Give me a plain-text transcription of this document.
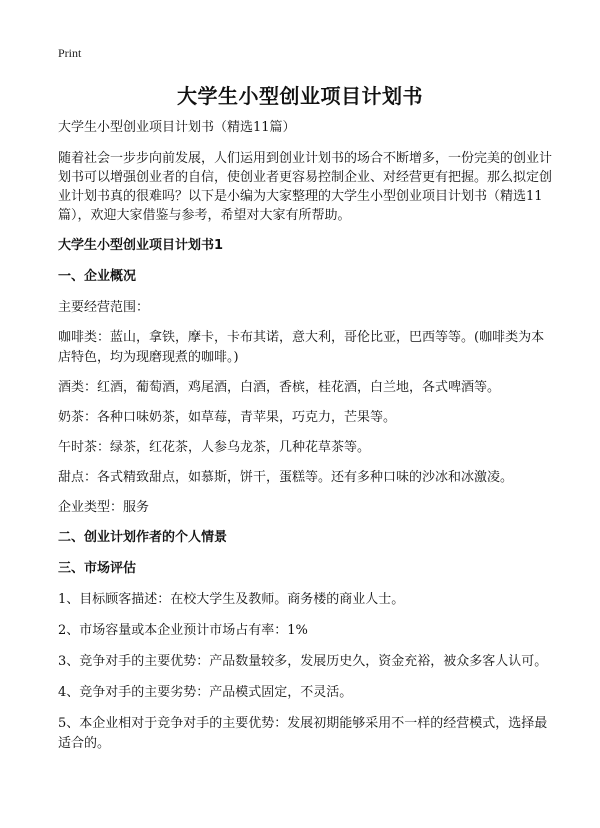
Print
大学生小型创业项目计划书

大学生小型创业项目计划书（精选11篇）

随着社会一步步向前发展，人们运用到创业计划书的场合不断增多，一份完美的创业计划书可以增强创业者的自信，使创业者更容易控制企业、对经营更有把握。那么拟定创业计划书真的很难吗？以下是小编为大家整理的大学生小型创业项目计划书（精选11篇），欢迎大家借鉴与参考，希望对大家有所帮助。

大学生小型创业项目计划书1

一、企业概况

主要经营范围：

咖啡类：蓝山，拿铁，摩卡，卡布其诺，意大利，哥伦比亚，巴西等等。(咖啡类为本店特色，均为现磨现煮的咖啡。)

酒类：红酒，葡萄酒，鸡尾酒，白酒，香槟，桂花酒，白兰地，各式啤酒等。

奶茶：各种口味奶茶，如草莓，青苹果，巧克力，芒果等。

午时茶：绿茶，红花茶，人参乌龙茶，几种花草茶等。

甜点：各式精致甜点，如慕斯，饼干，蛋糕等。还有多种口味的沙冰和冰激凌。

企业类型：服务

二、创业计划作者的个人情景

三、市场评估

1、目标顾客描述：在校大学生及教师。商务楼的商业人士。

2、市场容量或本企业预计市场占有率：1%

3、竞争对手的主要优势：产品数量较多，发展历史久，资金充裕，被众多客人认可。

4、竞争对手的主要劣势：产品模式固定，不灵活。

5、本企业相对于竞争对手的主要优势：发展初期能够采用不一样的经营模式，选择最适合的。
